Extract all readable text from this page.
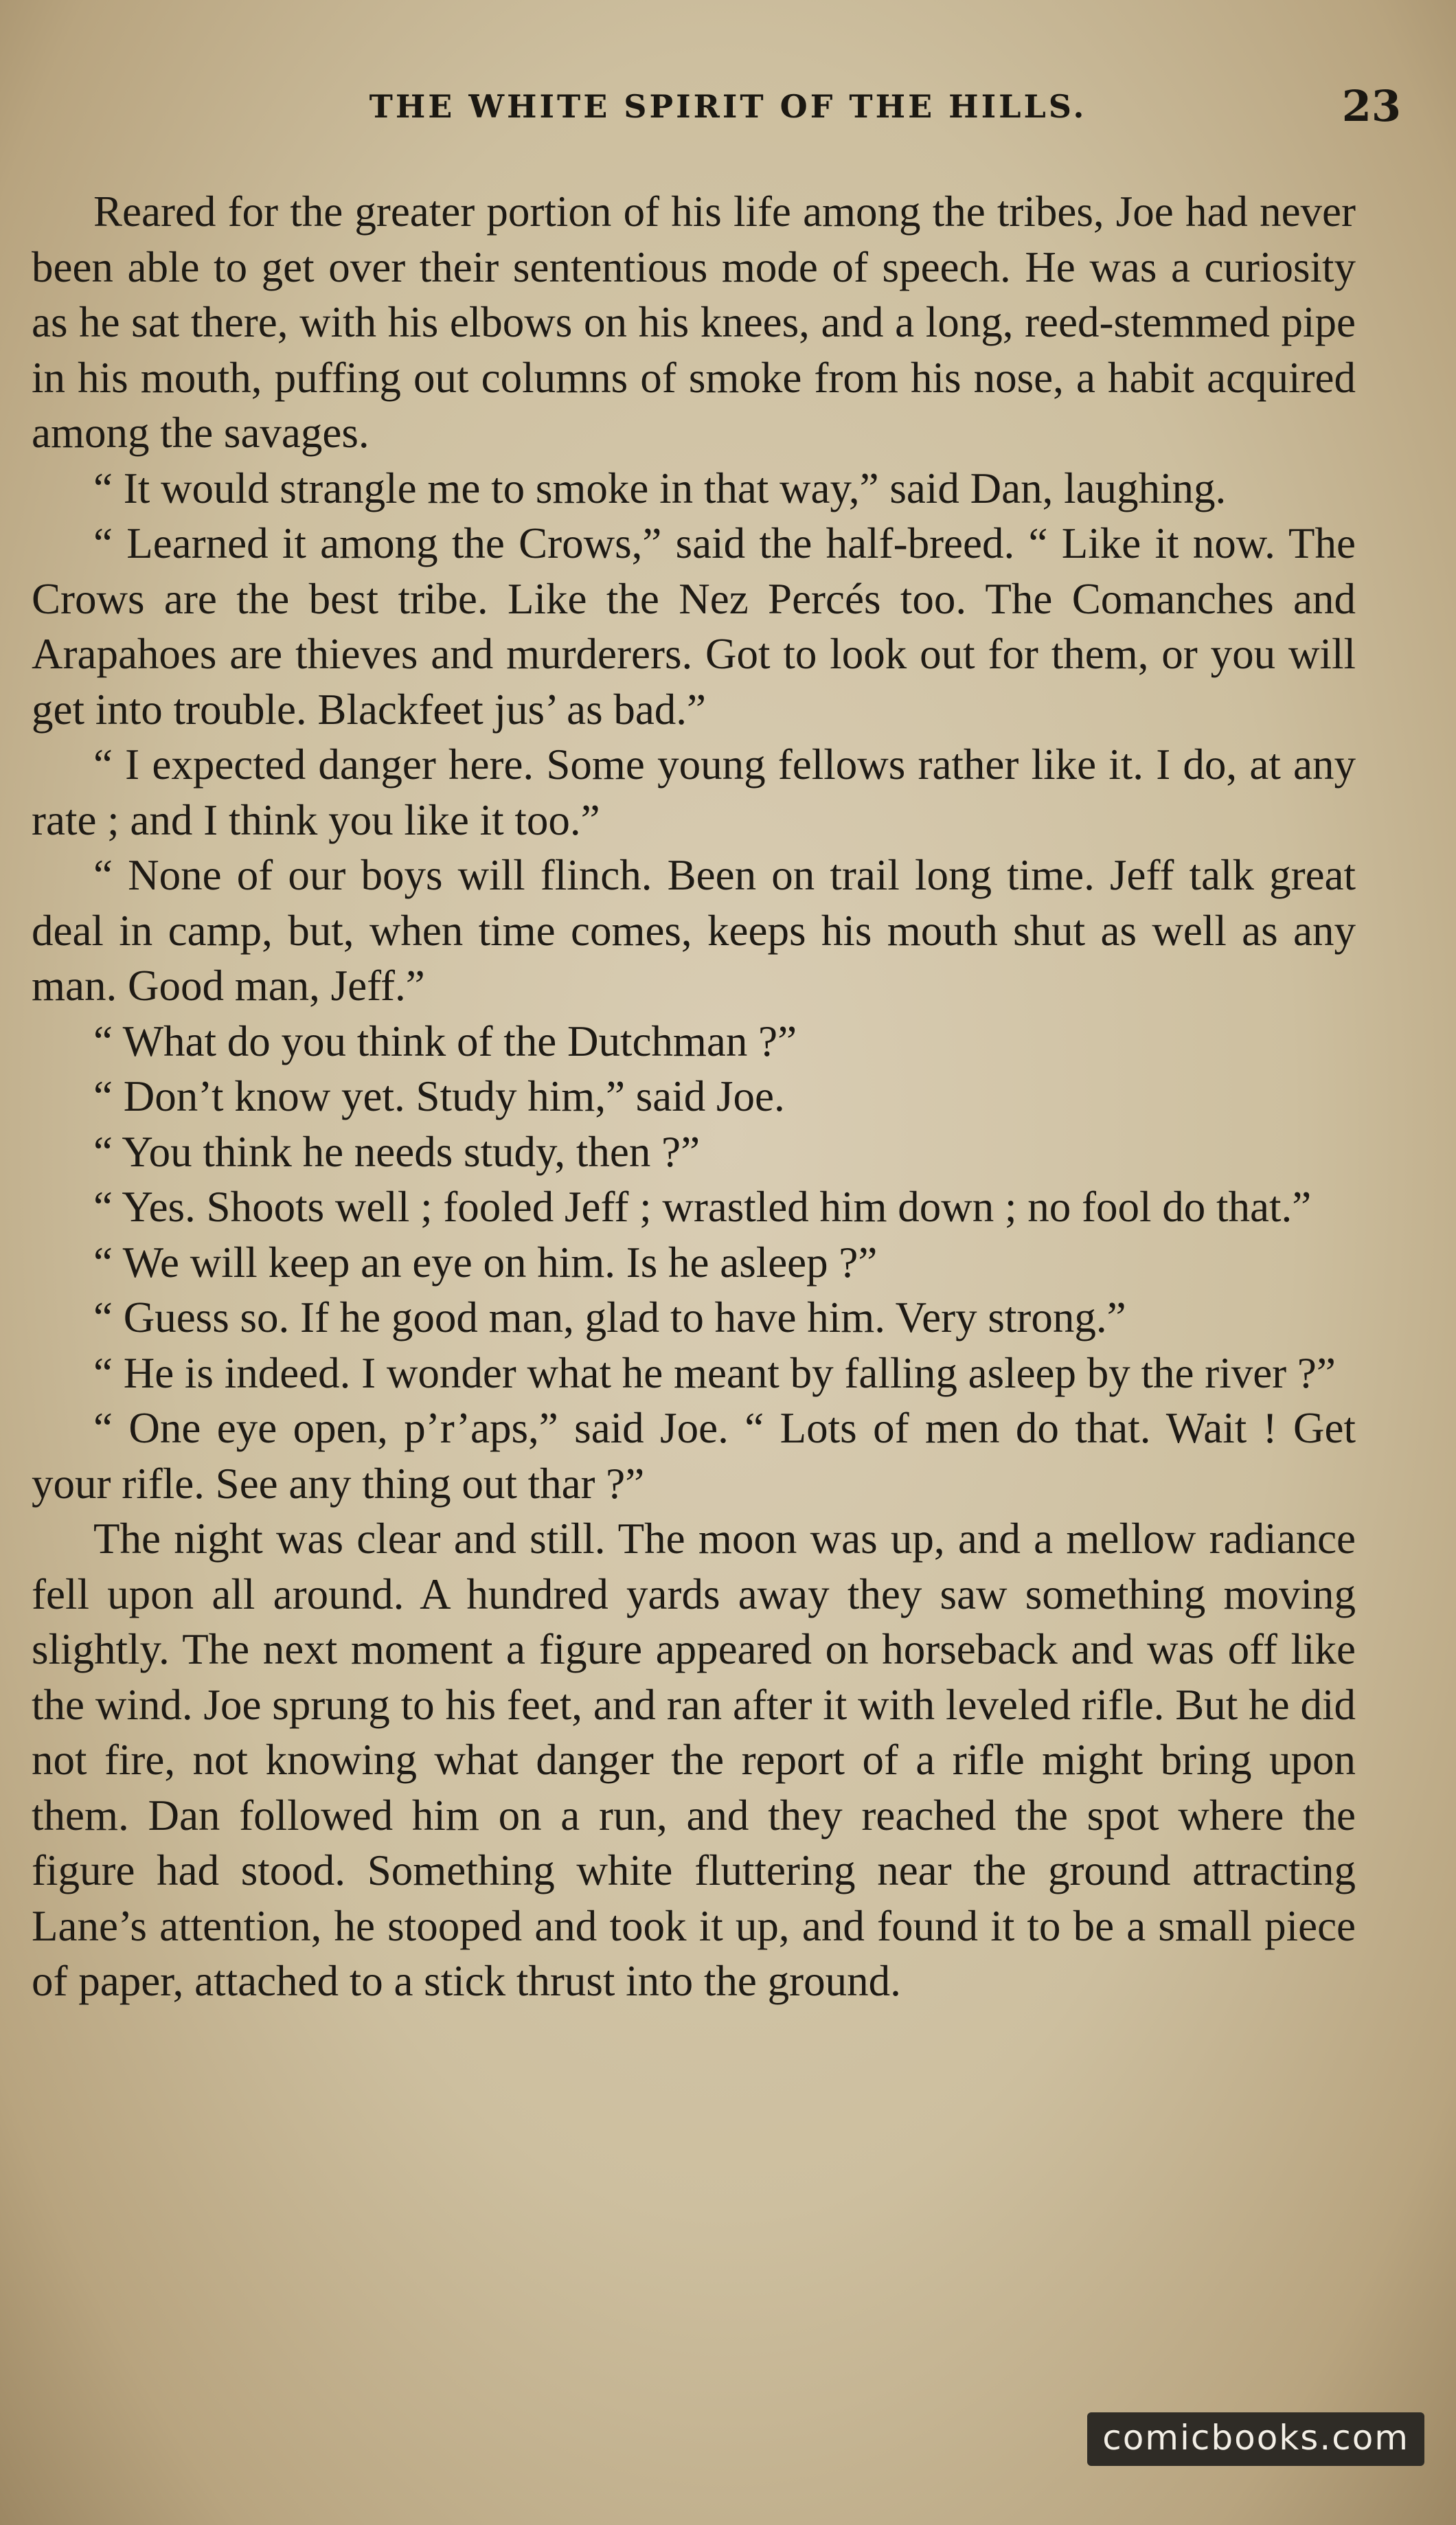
THE WHITE SPIRIT OF THE HILLS.	23

Reared for the greater portion of his life among the tribes, Joe had never been able to get over their sententious mode of speech. He was a curiosity as he sat there, with his elbows on his knees, and a long, reed-stemmed pipe in his mouth, puffing out columns of smoke from his nose, a habit acquired among the savages.

“ It would strangle me to smoke in that way,” said Dan, laughing.

“ Learned it among the Crows,” said the half-breed. “ Like it now. The Crows are the best tribe. Like the Nez Percés too. The Comanches and Arapahoes are thieves and murderers. Got to look out for them, or you will get into trouble. Blackfeet jus’ as bad.”

“ I expected danger here. Some young fellows rather like it. I do, at any rate ; and I think you like it too.”

“ None of our boys will flinch. Been on trail long time. Jeff talk great deal in camp, but, when time comes, keeps his mouth shut as well as any man. Good man, Jeff.”

“ What do you think of the Dutchman ?”

“ Don’t know yet. Study him,” said Joe.

“ You think he needs study, then ?”

“ Yes. Shoots well ; fooled Jeff ; wrastled him down ; no fool do that.”

“ We will keep an eye on him. Is he asleep ?”

“ Guess so. If he good man, glad to have him. Very strong.”

“ He is indeed. I wonder what he meant by falling asleep by the river ?”

“ One eye open, p’r’aps,” said Joe. “ Lots of men do that. Wait ! Get your rifle. See any thing out thar ?”

The night was clear and still. The moon was up, and a mellow radiance fell upon all around. A hundred yards away they saw something moving slightly. The next moment a figure appeared on horseback and was off like the wind. Joe sprung to his feet, and ran after it with leveled rifle. But he did not fire, not knowing what danger the report of a rifle might bring upon them. Dan followed him on a run, and they reached the spot where the figure had stood. Something white fluttering near the ground attracting Lane’s attention, he stooped and took it up, and found it to be a small piece of paper, attached to a stick thrust into the ground.

comicbooks.com
